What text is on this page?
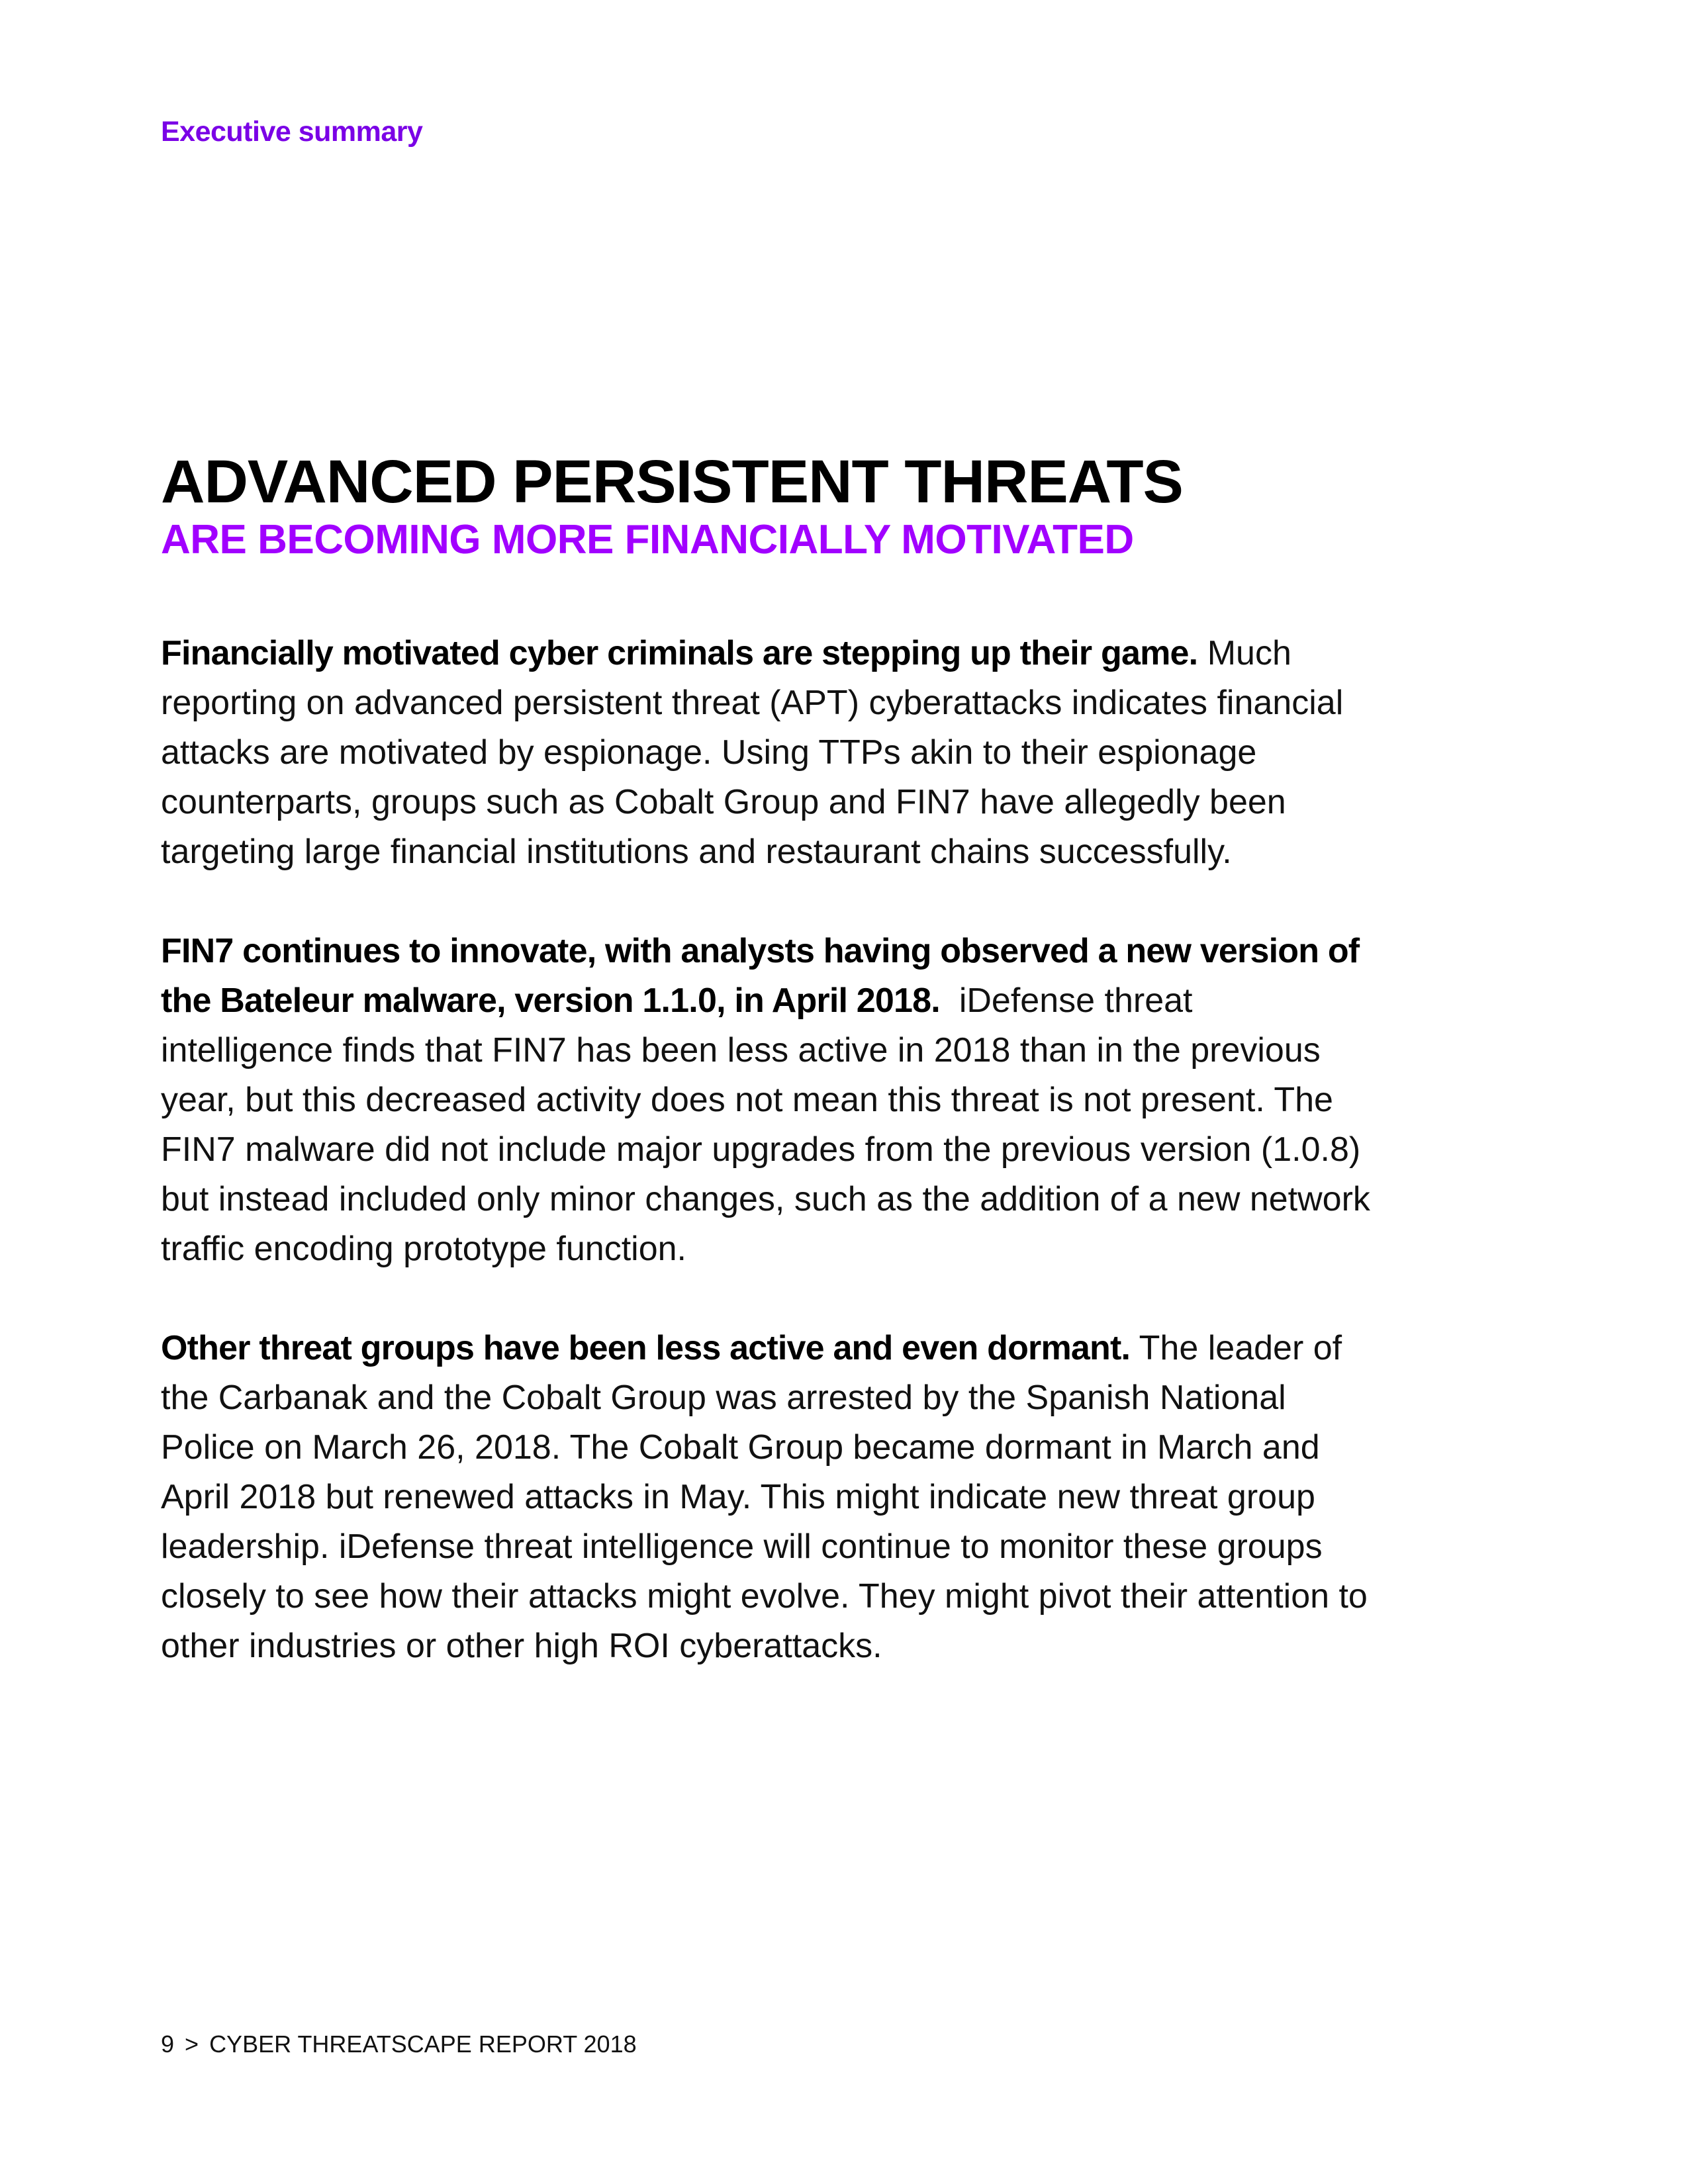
Executive summary
ADVANCED PERSISTENT THREATS
ARE BECOMING MORE FINANCIALLY MOTIVATED

Financially motivated cyber criminals are stepping up their game. Much reporting on advanced persistent threat (APT) cyberattacks indicates financial attacks are motivated by espionage. Using TTPs akin to their espionage counterparts, groups such as Cobalt Group and FIN7 have allegedly been targeting large financial institutions and restaurant chains successfully.

FIN7 continues to innovate, with analysts having observed a new version of the Bateleur malware, version 1.1.0, in April 2018. iDefense threat intelligence finds that FIN7 has been less active in 2018 than in the previous year, but this decreased activity does not mean this threat is not present. The FIN7 malware did not include major upgrades from the previous version (1.0.8) but instead included only minor changes, such as the addition of a new network traffic encoding prototype function.

Other threat groups have been less active and even dormant. The leader of the Carbanak and the Cobalt Group was arrested by the Spanish National Police on March 26, 2018. The Cobalt Group became dormant in March and April 2018 but renewed attacks in May. This might indicate new threat group leadership. iDefense threat intelligence will continue to monitor these groups closely to see how their attacks might evolve. They might pivot their attention to other industries or other high ROI cyberattacks.

9 > CYBER THREATSCAPE REPORT 2018
